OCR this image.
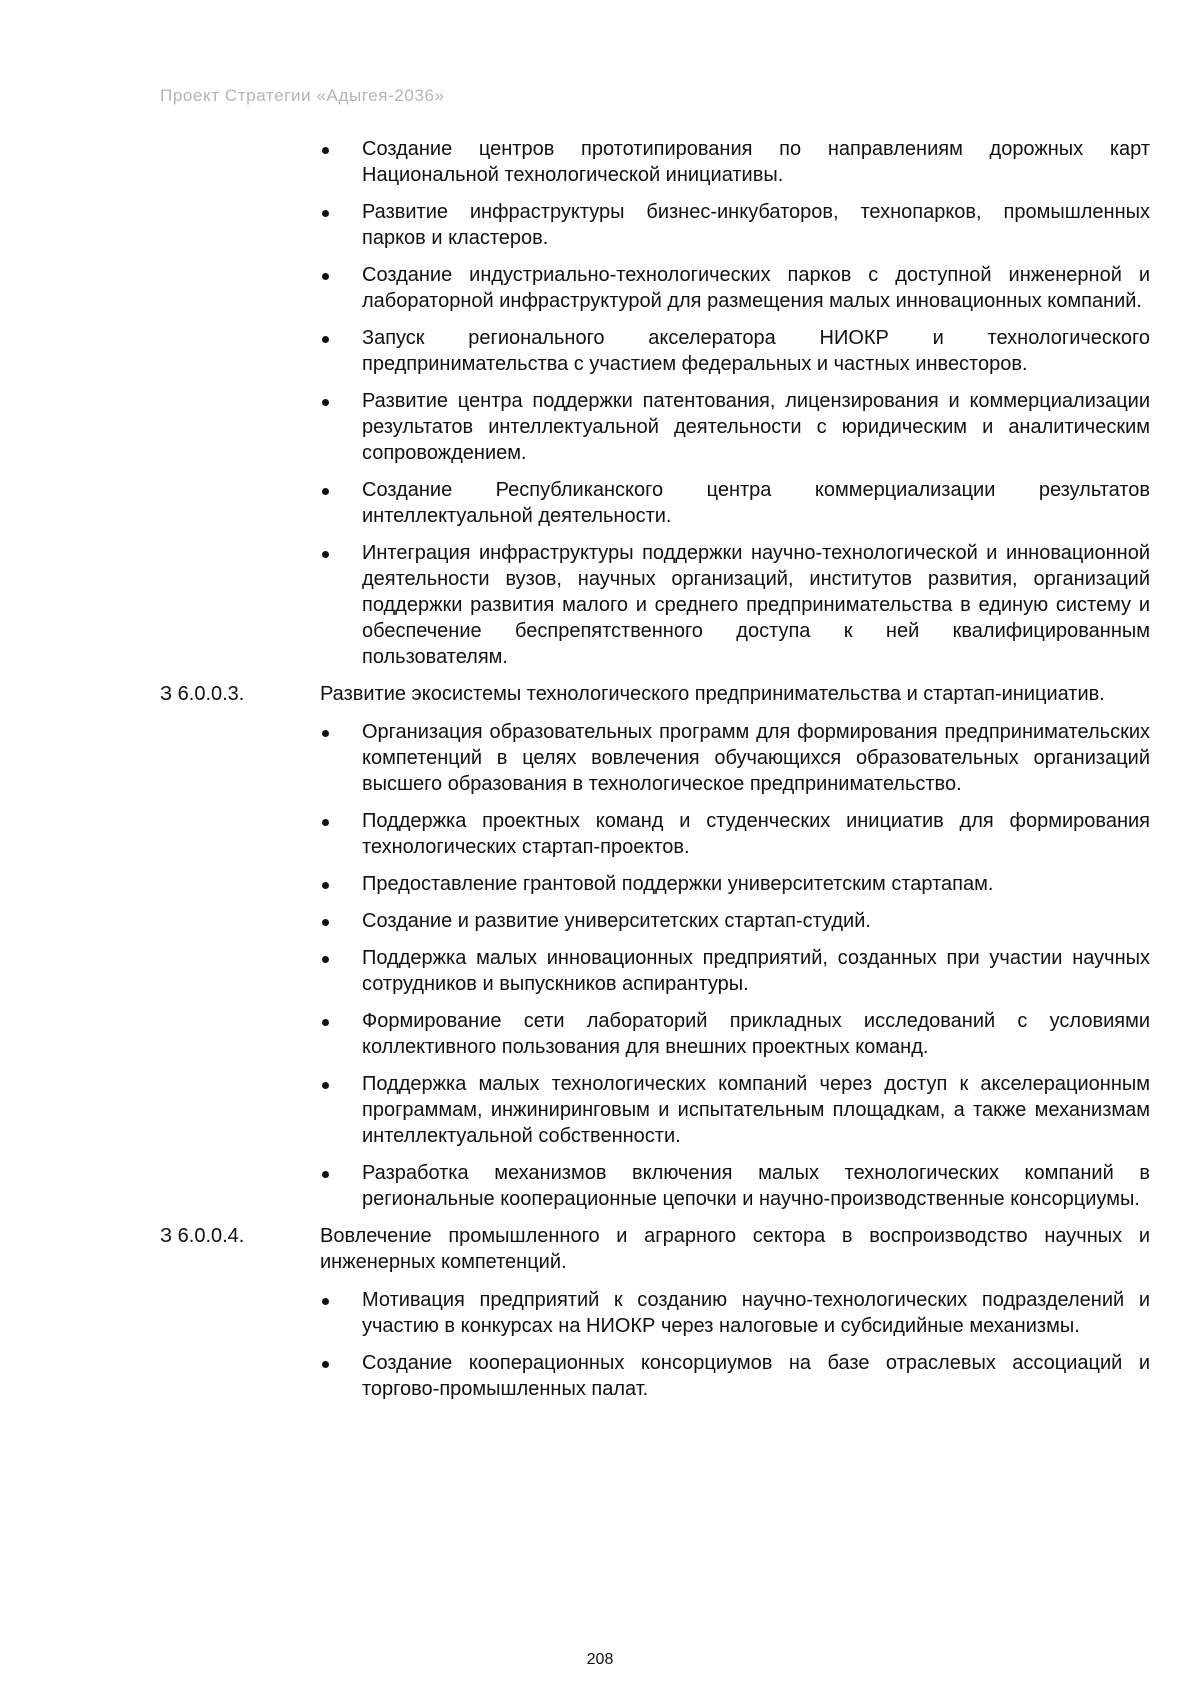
Проект Стратегии «Адыгея-2036»
Создание центров прототипирования по направлениям дорожных карт Национальной технологической инициативы.
Развитие инфраструктуры бизнес-инкубаторов, технопарков, промышленных парков и кластеров.
Создание индустриально-технологических парков с доступной инженерной и лабораторной инфраструктурой для размещения малых инновационных компаний.
Запуск регионального акселератора НИОКР и технологического предпринимательства с участием федеральных и частных инвесторов.
Развитие центра поддержки патентования, лицензирования и коммерциализации результатов интеллектуальной деятельности с юридическим и аналитическим сопровождением.
Создание Республиканского центра коммерциализации результатов интеллектуальной деятельности.
Интеграция инфраструктуры поддержки научно-технологической и инновационной деятельности вузов, научных организаций, институтов развития, организаций поддержки развития малого и среднего предпринимательства в единую систему и обеспечение беспрепятственного доступа к ней квалифицированным пользователям.
З 6.0.0.3.	Развитие экосистемы технологического предпринимательства и стартап-инициатив.
Организация образовательных программ для формирования предпринимательских компетенций в целях вовлечения обучающихся образовательных организаций высшего образования в технологическое предпринимательство.
Поддержка проектных команд и студенческих инициатив для формирования технологических стартап-проектов.
Предоставление грантовой поддержки университетским стартапам.
Создание и развитие университетских стартап-студий.
Поддержка малых инновационных предприятий, созданных при участии научных сотрудников и выпускников аспирантуры.
Формирование сети лабораторий прикладных исследований с условиями коллективного пользования для внешних проектных команд.
Поддержка малых технологических компаний через доступ к акселерационным программам, инжиниринговым и испытательным площадкам, а также механизмам интеллектуальной собственности.
Разработка механизмов включения малых технологических компаний в региональные кооперационные цепочки и научно-производственные консорциумы.
З 6.0.0.4.	Вовлечение промышленного и аграрного сектора в воспроизводство научных и инженерных компетенций.
Мотивация предприятий к созданию научно-технологических подразделений и участию в конкурсах на НИОКР через налоговые и субсидийные механизмы.
Создание кооперационных консорциумов на базе отраслевых ассоциаций и торгово-промышленных палат.
208
